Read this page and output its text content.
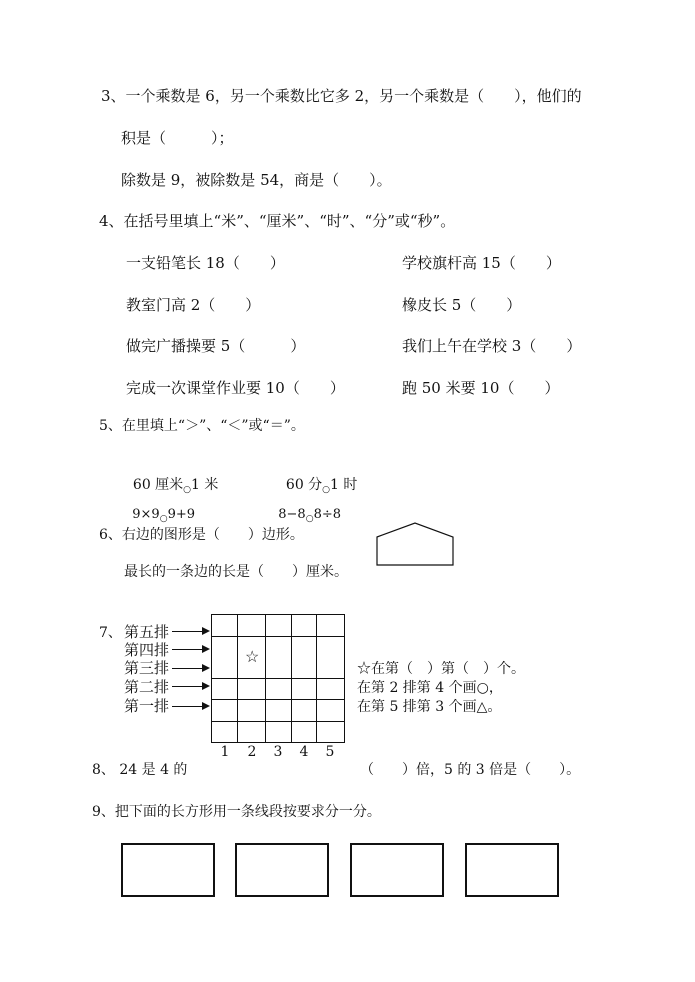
3、一个乘数是 6，另一个乘数比它多 2，另一个乘数是（　　），他们的
积是（　　　）；
除数是 9，被除数是 54，商是（　　）。
4、在括号里填上“米”、“厘米”、“时”、“分”或“秒”。
一支铅笔长 18（　　）	学校旗杆高 15（　　）
教室门高 2（　　）	橡皮长 5（　　）
做完广播操要 5（　　　）	我们上午在学校 3（　　）
完成一次课堂作业要 10（　　）	跑 50 米要 10（　　）
5、在里填上“＞”、“＜”或“＝”。

60 厘米$_○$1 米	60 分$_○$1 时

$9\times 9_○9+9$	$8-8_○8\div 8$

6、右边的图形是（　　）边形。
最长的一条边的长是（　　）厘米。
7、 第五排
第四排
第三排
第二排
第一排
☆
1	2	3	4	5
☆在第（　）第（　）个。
在第 2 排第 4 个画○，
在第 5 排第 3 个画△。
8、 24 是 4 的	（　　）倍，5 的 3 倍是（　　）。
9、把下面的长方形用一条线段按要求分一分。
